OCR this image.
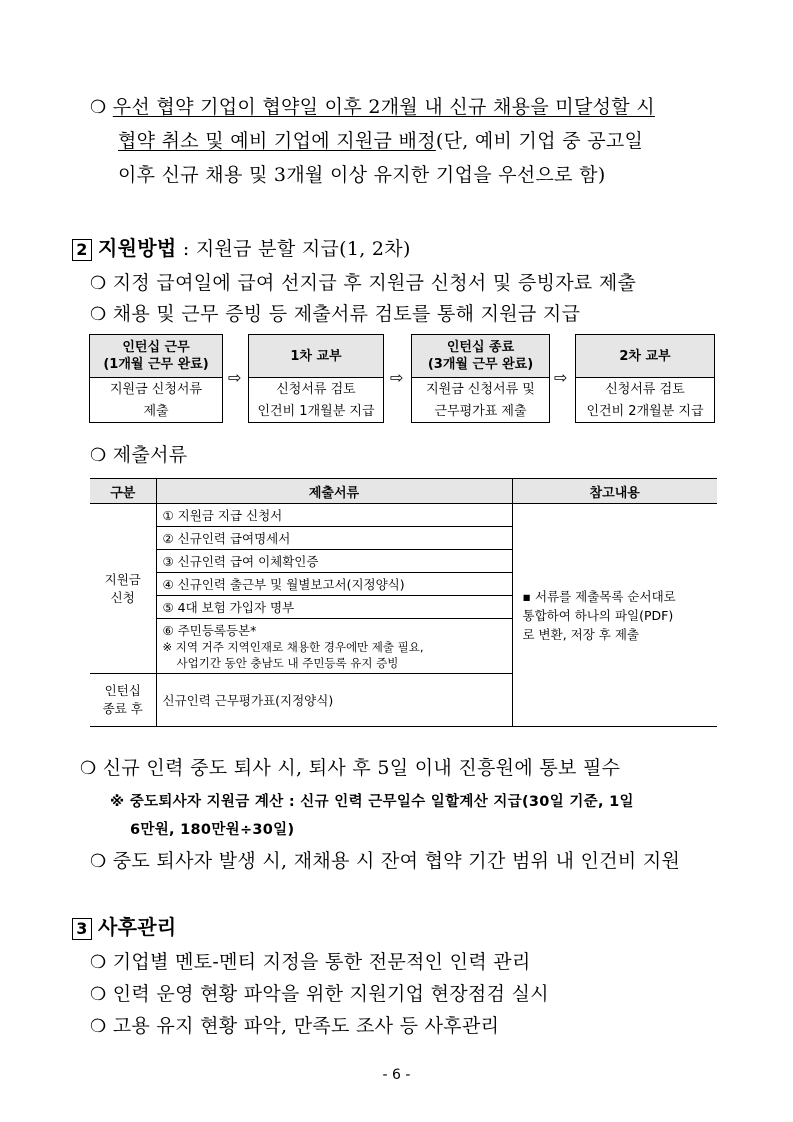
❍ 우선 협약 기업이 협약일 이후 2개월 내 신규 채용을 미달성할 시
협약 취소 및 예비 기업에 지원금 배정(단, 예비 기업 중 공고일
이후 신규 채용 및 3개월 이상 유지한 기업을 우선으로 함)
2 지원방법 : 지원금 분할 지급(1, 2차)
❍ 지정 급여일에 급여 선지급 후 지원금 신청서 및 증빙자료 제출
❍ 채용 및 근무 증빙 등 제출서류 검토를 통해 지원금 지급
인턴십 근무
(1개월 근무 완료)
지원금 신청서류
제출
⇨
1차 교부
신청서류 검토
인건비 1개월분 지급
⇨
인턴십 종료
(3개월 근무 완료)
지원금 신청서류 및
근무평가표 제출
⇨
2차 교부
신청서류 검토
인건비 2개월분 지급
❍ 제출서류
구분	제출서류	참고내용
지원금
신청	① 지원금 지급 신청서	▪ 서류를 제출목록 순서대로
통합하여 하나의 파일(PDF)
로 변환, 저장 후 제출

	② 신규인력 급여명세서	
	③ 신규인력 급여 이체확인증	
	④ 신규인력 출근부 및 월별보고서(지정양식)	
	⑤ 4대 보험 가입자 명부	

	⑥ 주민등록등본*
※ 지역 거주 지역인재로 채용한 경우에만 제출 필요,
사업기간 동안 충남도 내 주민등록 유지 증빙	

인턴십
종료 후	신규인력 근무평가표(지정양식)	
❍ 신규 인력 중도 퇴사 시, 퇴사 후 5일 이내 진흥원에 통보 필수
※ 중도퇴사자 지원금 계산 : 신규 인력 근무일수 일할계산 지급(30일 기준, 1일
6만원, 180만원÷30일)
❍ 중도 퇴사자 발생 시, 재채용 시 잔여 협약 기간 범위 내 인건비 지원
3 사후관리
❍ 기업별 멘토-멘티 지정을 통한 전문적인 인력 관리
❍ 인력 운영 현황 파악을 위한 지원기업 현장점검 실시
❍ 고용 유지 현황 파악, 만족도 조사 등 사후관리
- 6 -
